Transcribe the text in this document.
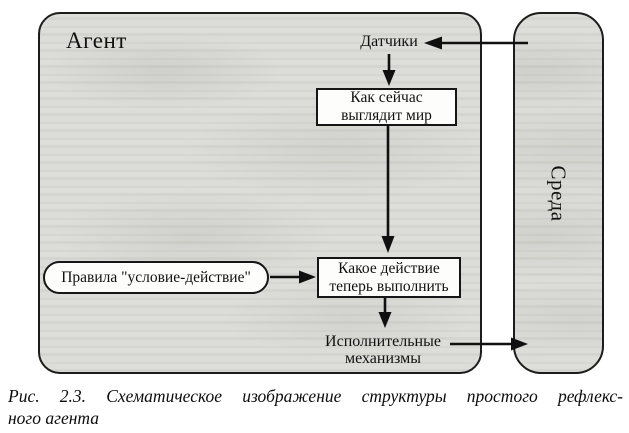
Агент
Среда
Датчики
Как сейчас
выглядит мир
Какое действие
теперь выполнить
Правила "условие-действие"
Исполнительные
механизмы
Рис. 2.3. Схематическое изображение структуры простого рефлекс-
ного агента
